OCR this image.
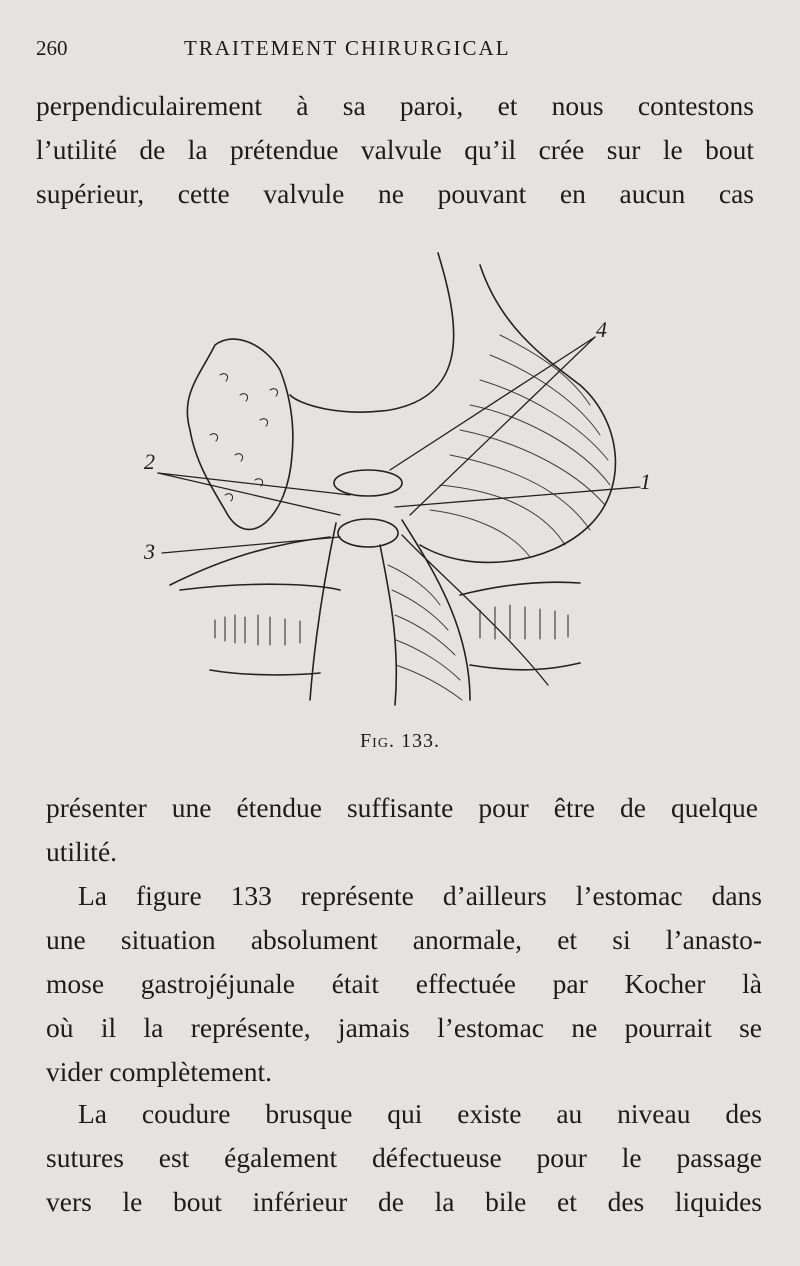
260	TRAITEMENT CHIRURGICAL
perpendiculairement à sa paroi, et nous contestons
l’utilité de la prétendue valvule qu’il crée sur le bout
supérieur, cette valvule ne pouvant en aucun cas
1
2
3
4
Fig. 133.
présenter une étendue suffisante pour être de quelque
utilité.
La figure 133 représente d’ailleurs l’estomac dans
une situation absolument anormale, et si l’anasto-
mose gastrojéjunale était effectuée par Kocher là
où il la représente, jamais l’estomac ne pourrait se
vider complètement.
La coudure brusque qui existe au niveau des
sutures est également défectueuse pour le passage
vers le bout inférieur de la bile et des liquides
